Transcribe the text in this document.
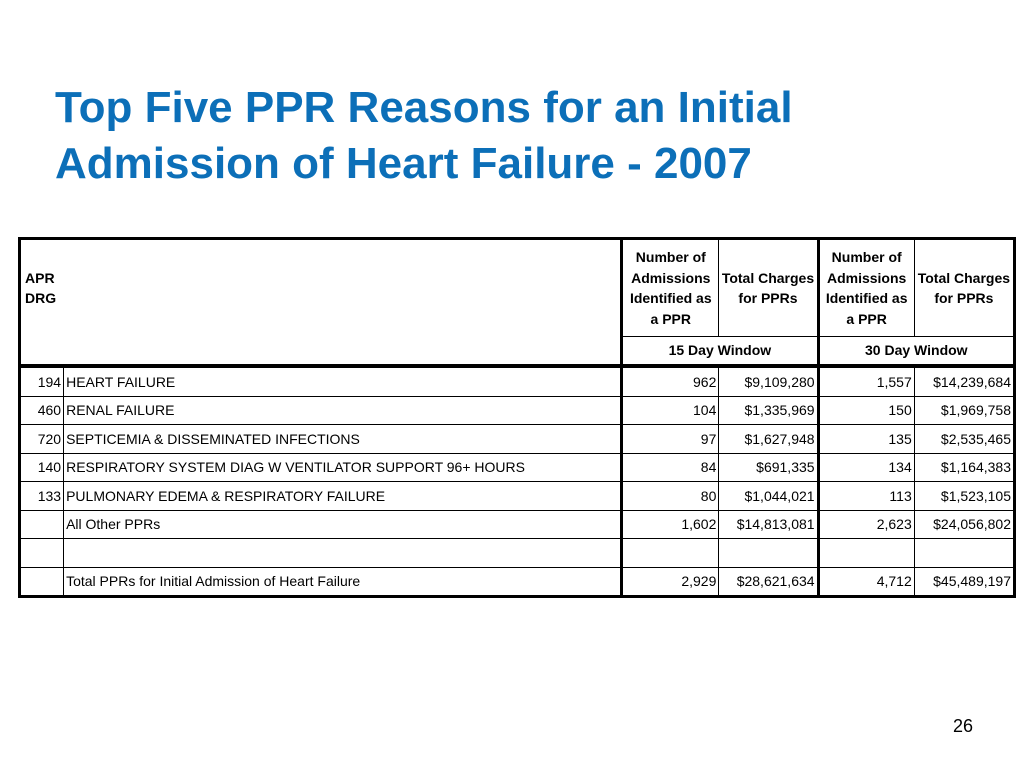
Top Five PPR Reasons for an Initial
Admission of Heart Failure - 2007
APR DRG		Number of Admissions Identified as a PPR	Total Charges for PPRs	Number of Admissions Identified as a PPR	Total Charges for PPRs
		15 Day Window		30 Day Window	
194	HEART FAILURE	962	$9,109,280	1,557	$14,239,684
460	RENAL FAILURE	104	$1,335,969	150	$1,969,758
720	SEPTICEMIA & DISSEMINATED INFECTIONS	97	$1,627,948	135	$2,535,465
140	RESPIRATORY SYSTEM DIAG W VENTILATOR SUPPORT 96+ HOURS	84	$691,335	134	$1,164,383
133	PULMONARY EDEMA & RESPIRATORY FAILURE	80	$1,044,021	113	$1,523,105
	All Other PPRs	1,602	$14,813,081	2,623	$24,056,802

	Total PPRs for Initial Admission of Heart Failure	2,929	$28,621,634	4,712	$45,489,197
26
